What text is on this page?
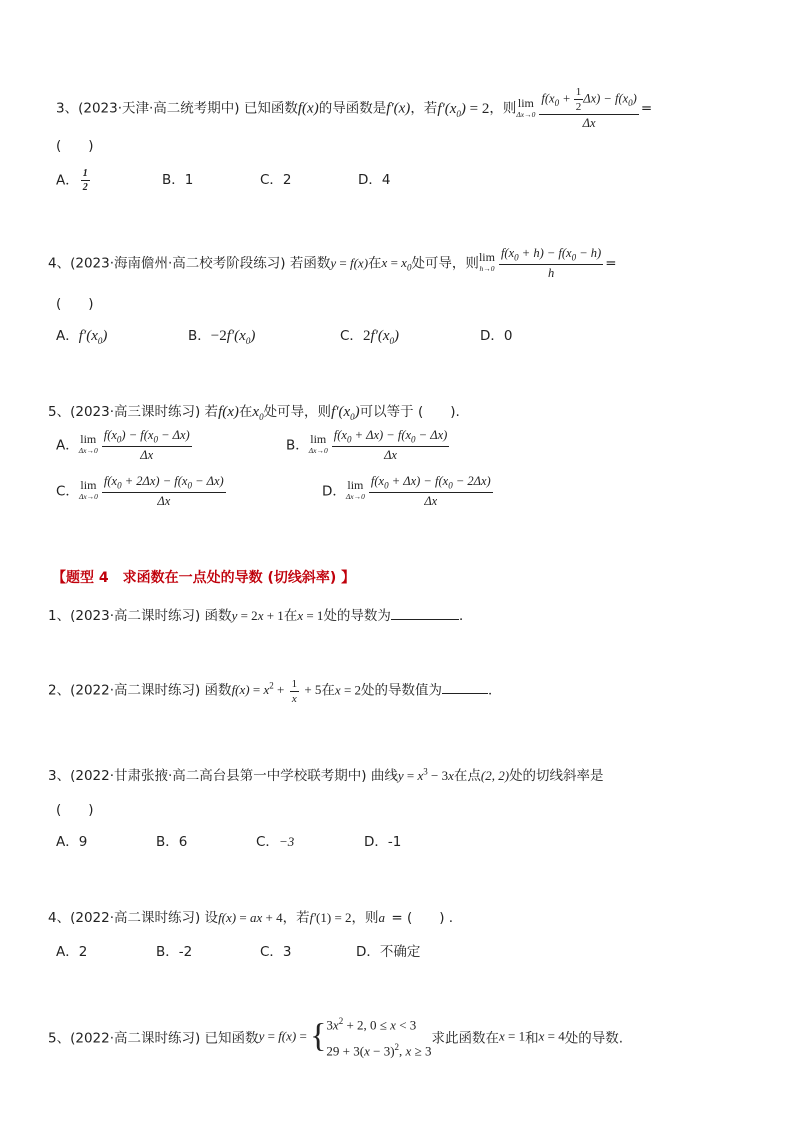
3、(2023·天津·高二统考期中) 已知函数f(x)的导函数是f′(x)，若$f'(x_0) = 2$，则lim
$\Delta x\to 0 \frac{f(x_0 + \frac{1}{2} \Delta x) - f(x_0)}{\Delta x}$ =
(　　)
A． $\frac{1}{2}$	B．1	C．2	D．4
4、(2023·海南儋州·高二校考阶段练习) 若函数y = f(x)在$x = x_0$处可导，则lim
$h\to 0 \frac{f(x_0 + h) - f(x_0 - h)}{h}$ =
(　　)
A．$f'(x_0)$	B．$-2f'(x_0)$	C．$2f'(x_0)$	D．0
5、(2023·高三课时练习) 若f(x)在$x_0$处可导，则$f'(x_0)$可以等于 (　　).
A．lim
$\Delta x\to 0 \frac{f(x_0) - f(x_0 - \Delta x)}{\Delta x}$	B．lim
$\Delta x\to 0 \frac{f(x_0 + \Delta x) - f(x_0 - \Delta x)}{\Delta x}$
C．lim
$\Delta x\to 0 \frac{f(x_0 + 2\Delta x) - f(x_0 - \Delta x)}{\Delta x}$	D．lim
$\Delta x\to 0 \frac{f(x_0 + \Delta x) - f(x_0 - 2\Delta x)}{\Delta x}$
【题型 4　求函数在一点处的导数 (切线斜率) 】
1、(2023·高二课时练习) 函数y = 2x + 1在x = 1处的导数为	．
2、(2022·高二课时练习) 函数$f(x) = x^2 + \frac{1}{x} + 5$在x = 2处的导数值为	．
3、(2022·甘肃张掖·高二高台县第一中学校联考期中) 曲线$y = x^3 - 3x$在点(2, 2)处的切线斜率是
(　　)
A．9	B．6	C．−3	D．-1
4、(2022·高二课时练习) 设f(x) = ax + 4，若f′(1) = 2，则a = (　　) .
A．2	B．-2	C．3	D．不确定
5、(2022·高二课时练习) 已知函数y = f(x) = { $3x^2 + 2$, 0 ≤ x < 3
$29 + 3(x - 3)^2$, x ≥ 3
求此函数在x = 1和x = 4处的导数.
